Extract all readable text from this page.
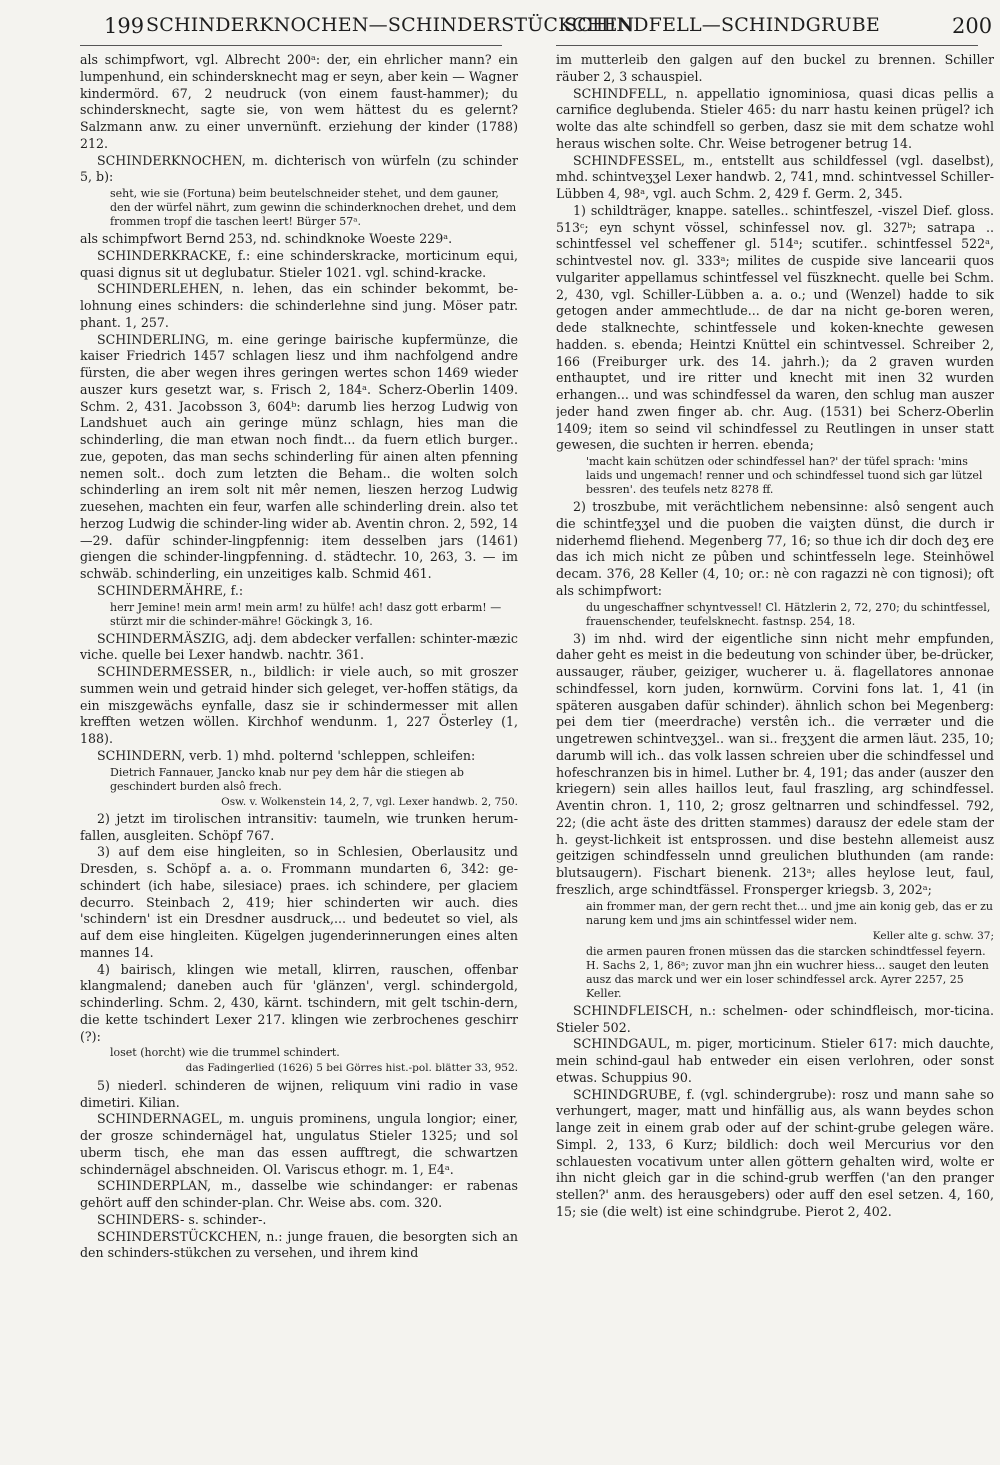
199 SCHINDERKNOCHEN—SCHINDERSTÜCKCHEN
SCHINDFELL—SCHINDGRUBE	200

als schimpfwort, vgl. Albrecht 200ᵃ: der, ein ehrlicher mann? ein lumpenhund, ein schindersknecht mag er seyn, aber kein — Wagner kindermörd. 67, 2 neudruck (von einem faust-hammer); du schindersknecht, sagte sie, von wem hättest du es gelernt? Salzmann anw. zu einer unvernünft. erziehung der kinder (1788) 212.

SCHINDERKNOCHEN, m. dichterisch von würfeln (zu schinder 5, b):

seht, wie sie (Fortuna) beim beutelschneider stehet, und dem gauner, den der würfel nährt, zum gewinn die schinderknochen drehet, und dem frommen tropf die taschen leert! Bürger 57ᵃ.

als schimpfwort Bernd 253, nd. schindknoke Woeste 229ᵃ.

SCHINDERKRACKE, f.: eine schinderskracke, morticinum equi, quasi dignus sit ut deglubatur. Stieler 1021. vgl. schind-kracke.

SCHINDERLEHEN, n. lehen, das ein schinder bekommt, be-lohnung eines schinders: die schinderlehne sind jung. Möser patr. phant. 1, 257.

SCHINDERLING, m. eine geringe bairische kupfermünze, die kaiser Friedrich 1457 schlagen liesz und ihm nachfolgend andre fürsten, die aber wegen ihres geringen wertes schon 1469 wieder auszer kurs gesetzt war, s. Frisch 2, 184ᵃ. Scherz-Oberlin 1409. Schm. 2, 431. Jacobsson 3, 604ᵇ: darumb lies herzog Ludwig von Landshuet auch ain geringe münz schlagn, hies man die schinderling, die man etwan noch findt... da fuern etlich burger.. zue, gepoten, das man sechs schinderling für ainen alten pfenning nemen solt.. doch zum letzten die Beham.. die wolten solch schinderling an irem solt nit mêr nemen, lieszen herzog Ludwig zuesehen, machten ein feur, warfen alle schinderling drein. also tet herzog Ludwig die schinder-ling wider ab. Aventin chron. 2, 592, 14—29. dafür schinder-lingpfennig: item desselben jars (1461) giengen die schinder-lingpfenning. d. städtechr. 10, 263, 3. — im schwäb. schinderling, ein unzeitiges kalb. Schmid 461.

SCHINDERMÄHRE, f.:

herr Jemine! mein arm! mein arm! zu hülfe! ach! dasz gott erbarm! — stürzt mir die schinder-mähre! Göckingk 3, 16.

SCHINDERMÄSZIG, adj. dem abdecker verfallen: schinter-mæzic viche. quelle bei Lexer handwb. nachtr. 361.

SCHINDERMESSER, n., bildlich: ir viele auch, so mit groszer summen wein und getraid hinder sich geleget, ver-hoffen stätigs, da ein miszgewächs eynfalle, dasz sie ir schindermesser mit allen krefften wetzen wöllen. Kirchhof wendunm. 1, 227 Österley (1, 188).

SCHINDERN, verb. 1) mhd. polternd 'schleppen, schleifen:

Dietrich Fannauer, Jancko knab nur pey dem hâr die stiegen ab geschindert burden alsô frech.

Osw. v. Wolkenstein 14, 2, 7, vgl. Lexer handwb. 2, 750.

2) jetzt im tirolischen intransitiv: taumeln, wie trunken herum-fallen, ausgleiten. Schöpf 767.

3) auf dem eise hingleiten, so in Schlesien, Oberlausitz und Dresden, s. Schöpf a. a. o. Frommann mundarten 6, 342: ge-schindert (ich habe, silesiace) praes. ich schindere, per glaciem decurro. Steinbach 2, 419; hier schinderten wir auch. dies 'schindern' ist ein Dresdner ausdruck,... und bedeutet so viel, als auf dem eise hingleiten. Kügelgen jugenderinnerungen eines alten mannes 14.

4) bairisch, klingen wie metall, klirren, rauschen, offenbar klangmalend; daneben auch für 'glänzen', vergl. schindergold, schinderling. Schm. 2, 430, kärnt. tschindern, mit gelt tschin-dern, die kette tschindert Lexer 217. klingen wie zerbrochenes geschirr (?):

loset (horcht) wie die trummel schindert.

das Fadingerlied (1626) 5 bei Görres hist.-pol. blätter 33, 952.

5) niederl. schinderen de wijnen, reliquum vini radio in vase dimetiri. Kilian.

SCHINDERNAGEL, m. unguis prominens, ungula longior; einer, der grosze schindernägel hat, ungulatus Stieler 1325; und sol uberm tisch, ehe man das essen aufftregt, die schwartzen schindernägel abschneiden. Ol. Variscus ethogr. m. 1, E4ᵃ.

SCHINDERPLAN, m., dasselbe wie schindanger: er rabenas gehört auff den schinder-plan. Chr. Weise abs. com. 320.

SCHINDERS- s. schinder-.

SCHINDERSTÜCKCHEN, n.: junge frauen, die besorgten sich an den schinders-stükchen zu versehen, und ihrem kind

im mutterleib den galgen auf den buckel zu brennen. Schiller räuber 2, 3 schauspiel.

SCHINDFELL, n. appellatio ignominiosa, quasi dicas pellis a carnifice deglubenda. Stieler 465: du narr hastu keinen prügel? ich wolte das alte schindfell so gerben, dasz sie mit dem schatze wohl heraus wischen solte. Chr. Weise betrogener betrug 14.

SCHINDFESSEL, m., entstellt aus schildfessel (vgl. daselbst), mhd. schintveʒʒel Lexer handwb. 2, 741, mnd. schintvessel Schiller-Lübben 4, 98ᵃ, vgl. auch Schm. 2, 429 f. Germ. 2, 345.

1) schildträger, knappe. satelles.. schintfeszel, -viszel Dief. gloss. 513ᶜ; eyn schynt vössel, schinfessel nov. gl. 327ᵇ; satrapa .. schintfessel vel scheffener gl. 514ᵃ; scutifer.. schintfessel 522ᵃ, schintvestel nov. gl. 333ᵃ; milites de cuspide sive lancearii quos vulgariter appellamus schintfessel vel füszknecht. quelle bei Schm. 2, 430, vgl. Schiller-Lübben a. a. o.; und (Wenzel) hadde to sik getogen ander ammechtlude... de dar na nicht ge-boren weren, dede stalknechte, schintfessele und koken-knechte gewesen hadden. s. ebenda; Heintzi Knüttel ein schintvessel. Schreiber 2, 166 (Freiburger urk. des 14. jahrh.); da 2 graven wurden enthauptet, und ire ritter und knecht mit inen 32 wurden erhangen... und was schindfessel da waren, den schlug man auszer jeder hand zwen finger ab. chr. Aug. (1531) bei Scherz-Oberlin 1409; item so seind vil schindfessel zu Reutlingen in unser statt gewesen, die suchten ir herren. ebenda;

'macht kain schützen oder schindfessel han?' der tüfel sprach: 'mins laids und ungemach! renner und och schindfessel tuond sich gar lützel bessren'. des teufels netz 8278 ff.

2) troszbube, mit verächtlichem nebensinne: alsô sengent auch die schintfeʒʒel und die puoben die vaiʒten dünst, die durch ir niderhemd fliehend. Megenberg 77, 16; so thue ich dir doch deʒ ere das ich mich nicht ze pûben und schintfesseln lege. Steinhöwel decam. 376, 28 Keller (4, 10; or.: nè con ragazzi nè con tignosi); oft als schimpfwort:

du ungeschaffner schyntvessel! Cl. Hätzlerin 2, 72, 270; du schintfessel, frauenschender, teufelsknecht. fastnsp. 254, 18.

3) im nhd. wird der eigentliche sinn nicht mehr empfunden, daher geht es meist in die bedeutung von schinder über, be-drücker, aussauger, räuber, geiziger, wucherer u. ä. flagellatores annonae schindfessel, korn juden, kornwürm. Corvini fons lat. 1, 41 (in späteren ausgaben dafür schinder). ähnlich schon bei Megenberg: pei dem tier (meerdrache) verstên ich.. die verræter und die ungetrewen schintveʒʒel.. wan si.. freʒʒent die armen läut. 235, 10; darumb will ich.. das volk lassen schreien uber die schindfessel und hofeschranzen bis in himel. Luther br. 4, 191; das ander (auszer den kriegern) sein alles haillos leut, faul fraszling, arg schindfessel. Aventin chron. 1, 110, 2; grosz geltnarren und schindfessel. 792, 22; (die acht äste des dritten stammes) darausz der edele stam der h. geyst-lichkeit ist entsprossen. und dise bestehn allemeist ausz geitzigen schindfesseln unnd greulichen bluthunden (am rande: blutsaugern). Fischart bienenk. 213ᵃ; alles heylose leut, faul, freszlich, arge schindtfässel. Fronsperger kriegsb. 3, 202ᵃ;

ain frommer man, der gern recht thet... und jme ain konig geb, das er zu narung kem und jms ain schintfessel wider nem.

Keller alte g. schw. 37;

die armen pauren fronen müssen das die starcken schindtfessel feyern. H. Sachs 2, 1, 86ᵃ; zuvor man jhn ein wuchrer hiess... sauget den leuten ausz das marck und wer ein loser schindfessel arck. Ayrer 2257, 25 Keller.

SCHINDFLEISCH, n.: schelmen- oder schindfleisch, mor-ticina. Stieler 502.

SCHINDGAUL, m. piger, morticinum. Stieler 617: mich dauchte, mein schind-gaul hab entweder ein eisen verlohren, oder sonst etwas. Schuppius 90.

SCHINDGRUBE, f. (vgl. schindergrube): rosz und mann sahe so verhungert, mager, matt und hinfällig aus, als wann beydes schon lange zeit in einem grab oder auf der schint-grube gelegen wäre. Simpl. 2, 133, 6 Kurz; bildlich: doch weil Mercurius vor den schlauesten vocativum unter allen göttern gehalten wird, wolte er ihn nicht gleich gar in die schind-grub werffen ('an den pranger stellen?' anm. des herausgebers) oder auff den esel setzen. 4, 160, 15; sie (die welt) ist eine schindgrube. Pierot 2, 402.
